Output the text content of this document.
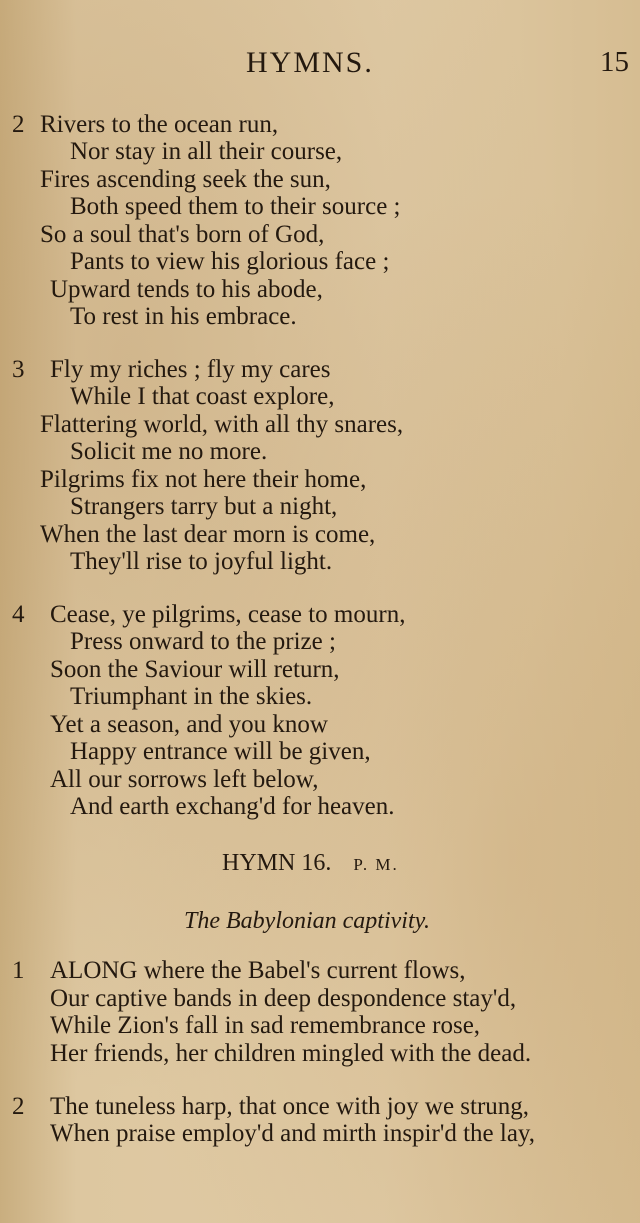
HYMNS.	15
2 Rivers to the ocean run,
Nor stay in all their course,
Fires ascending seek the sun,
Both speed them to their source ;
So a soul that's born of God,
Pants to view his glorious face ;
Upward tends to his abode,
To rest in his embrace.
3	Fly my riches ; fly my cares
While I that coast explore,
Flattering world, with all thy snares,
Solicit me no more.
Pilgrims fix not here their home,
Strangers tarry but a night,
When the last dear morn is come,
They'll rise to joyful light.
4	Cease, ye pilgrims, cease to mourn,
Press onward to the prize ;
Soon the Saviour will return,
Triumphant in the skies.
Yet a season, and you know
Happy entrance will be given,
All our sorrows left below,
And earth exchang'd for heaven.
HYMN 16. P. M.
The Babylonian captivity.
1	ALONG where the Babel's current flows,
Our captive bands in deep despondence stay'd,
While Zion's fall in sad remembrance rose,
Her friends, her children mingled with the dead.
2	The tuneless harp, that once with joy we strung,
When praise employ'd and mirth inspir'd the lay,
